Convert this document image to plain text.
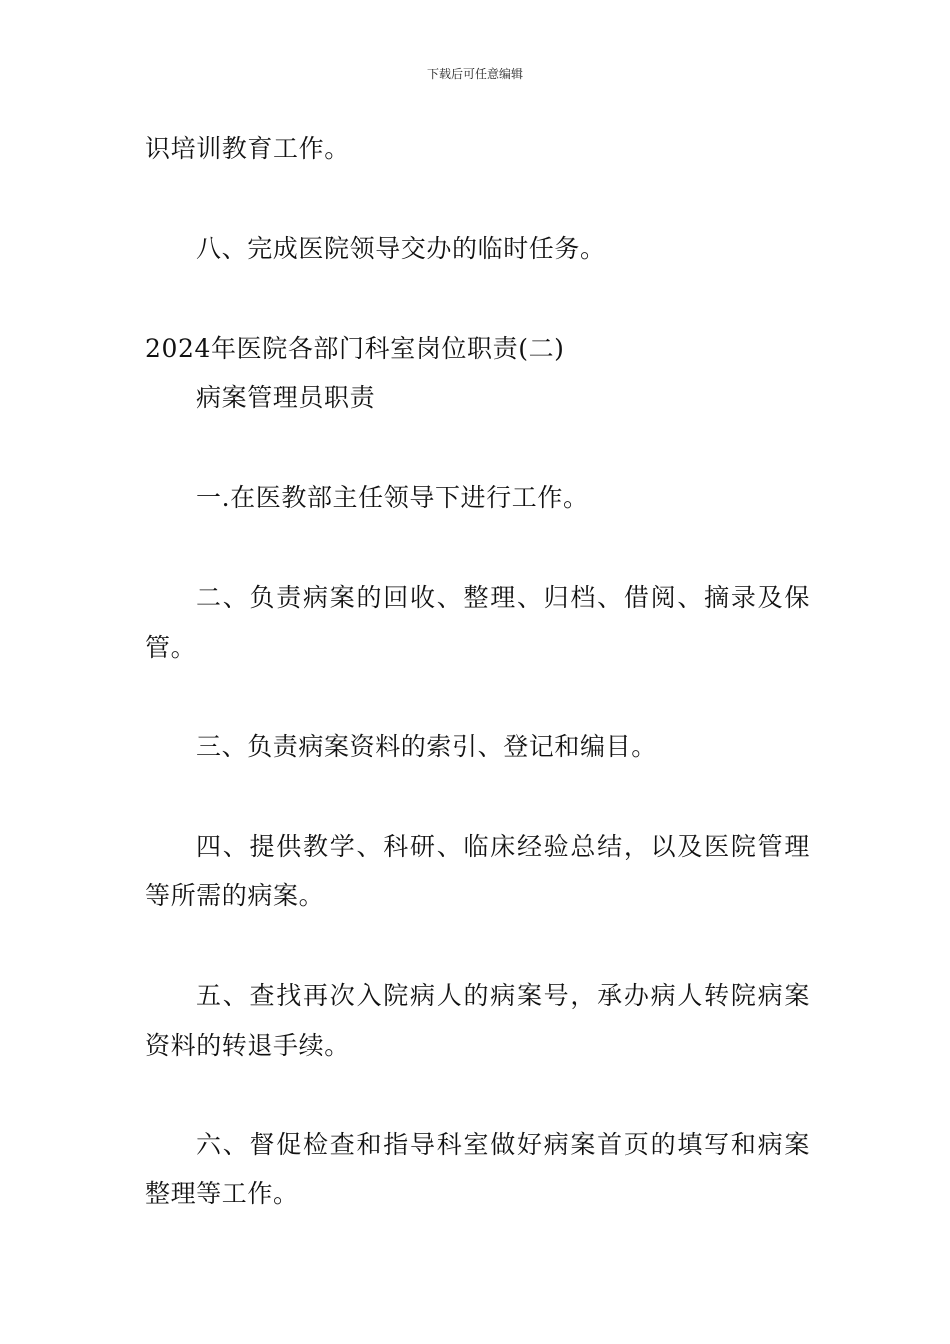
下载后可任意编辑
识培训教育工作。
八、完成医院领导交办的临时任务。
2024年医院各部门科室岗位职责(二)
病案管理员职责
一.在医教部主任领导下进行工作。
二、负责病案的回收、整理、归档、借阅、摘录及保
管。
三、负责病案资料的索引、登记和编目。
四、提供教学、科研、临床经验总结，以及医院管理
等所需的病案。
五、查找再次入院病人的病案号，承办病人转院病案
资料的转退手续。
六、督促检查和指导科室做好病案首页的填写和病案
整理等工作。
